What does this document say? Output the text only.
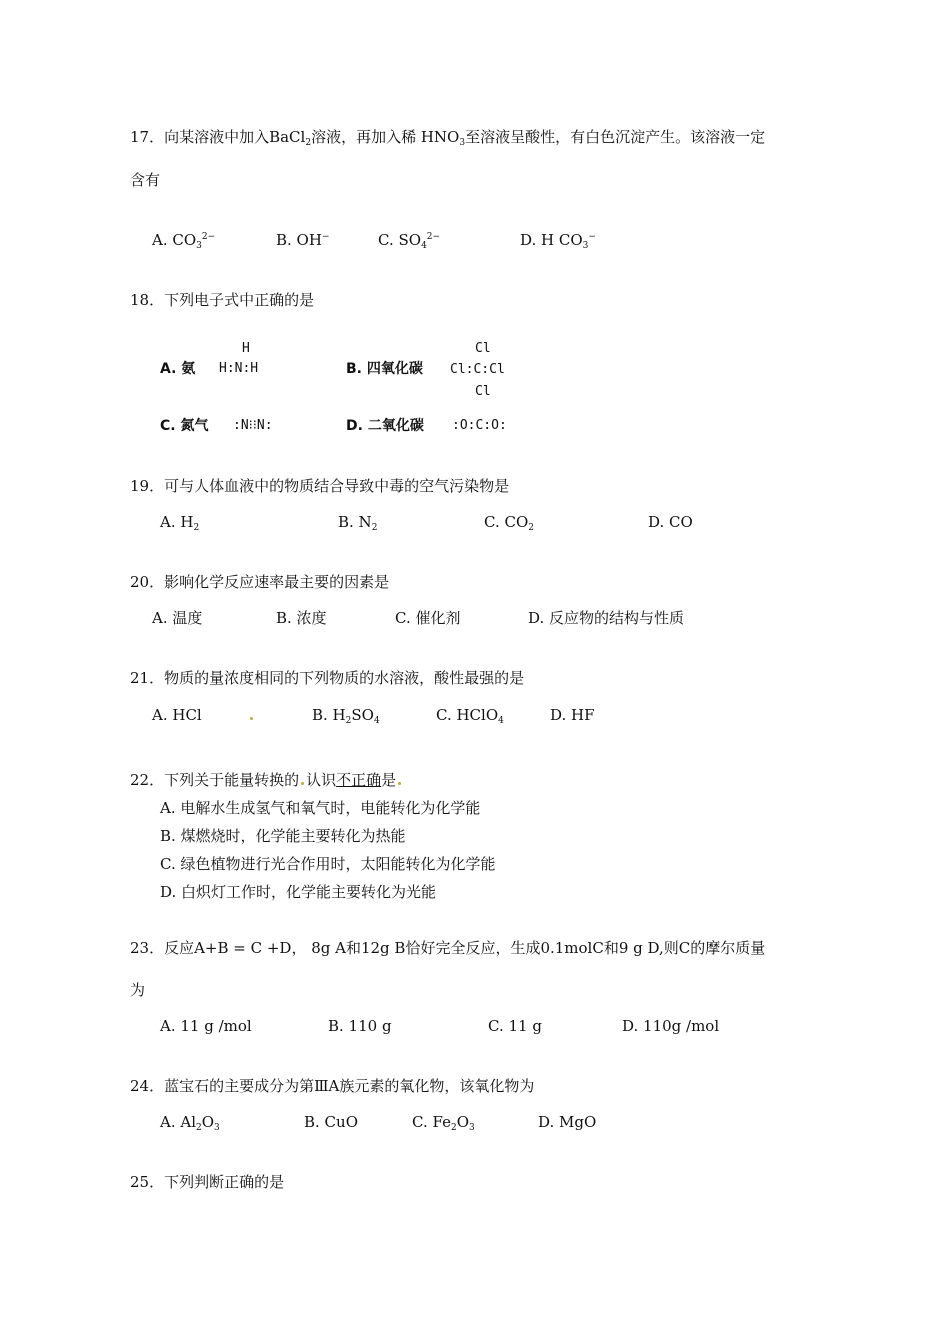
17．向某溶液中加入BaCl$_2$溶液，再加入稀 $HNO_3$至溶液呈酸性，有白色沉淀产生。该溶液一定
含有
A. $CO_3^{2-}$	B. OH−	C. $SO_4^{2-}$	D. H $CO_3^-$
18．下列电子式中正确的是
A. 氨
H
H:N:H	B. 四氧化碳
Cl
Cl:C:Cl
Cl
C. 氮气 :N⁝⁝N:	D. 二氧化碳 :O:C:O:
19．可与人体血液中的物质结合导致中毒的空气污染物是
A. $H_2$	B. $N_2$	C. $CO_2$	D. CO
20．影响化学反应速率最主要的因素是
A. 温度	B. 浓度	C. 催化剂	D. 反应物的结构与性质
21．物质的量浓度相同的下列物质的水溶液，酸性最强的是
A. HCl	B. $H_2SO_4$	C. HClO$_4$	D. HF
22．下列关于能量转换的 认识不正确是
A. 电解水生成氢气和氧气时，电能转化为化学能
B. 煤燃烧时，化学能主要转化为热能
C. 绿色植物进行光合作用时，太阳能转化为化学能
D. 白炽灯工作时，化学能主要转化为光能
23．反应A+B = C +D， 8g A和12g B恰好完全反应，生成0.1molC和9 g D,则C的摩尔质量
为
A. 11 g /mol	B. 110 g	C. 11 g	D. 110g /mol
24．蓝宝石的主要成分为第ⅢA族元素的氧化物，该氧化物为
A. $Al_2O_3$	B. CuO	C. $Fe_2O_3$	D. MgO
25．下列判断正确的是
